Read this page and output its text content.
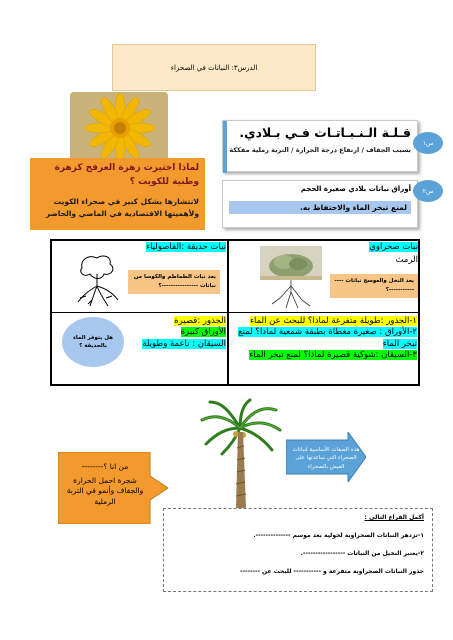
الدرس٣: النباتات في الصحراء
لماذا اختيرت زهرة العرفج كزهرة وطنية للكويت ؟
لانتشارها بشكل كبير في صحراء الكويت ولأهميتها الاقتصادية في الماضي والحاضر
قـلـة الـنـبـاتـات فـي بـلادي.
بسبب الجفاف / ارتفاع درجة الحرارة / التربة رملية مفككة
س١
أوراق نباتات بلادي صغيرة الحجم
لمنع تبخر الماء والاحتفاظ به.
س٢
نبات حديقة :الفاصولياء
يعد نبات الطماطم والكوسا من نباتات ----------------؟
نبات صحراوي
الرمث
يعد النخل والعوسج نباتات ---------------؟
الجذور :قصيرة
الأوراق كبيرة
السيقان : ناعمة وطويلة
هل يتوفر الماء بالحديقة ؟
١-الجذور :طويلة متفرعة لماذا؟ للبحث عن الماء
٢-الأوراق : صغيرة مغطاة بطبقة شمعية لماذا؟ لمنع تبخر الماء
٣-السيقان :شوكية قصيرة لماذا؟ لمنع تبخر الماء
هذه الصفات الأساسية لنباتات الصحراء التي ساعدتها على العيش بالصحراء
من انا ؟--------
شجرة احمل الحرارة والجفاف وأنمو في التربة الرملية
أكمل الفراغ التالي :
١-تزدهر النباتات الصحراوية لحولية بعد موسم --------------.
٢-يعتبر النخيل من النباتات -----------------.
جذور النباتات الصحراوية متفرعة و ----------- للبحث عن --------
